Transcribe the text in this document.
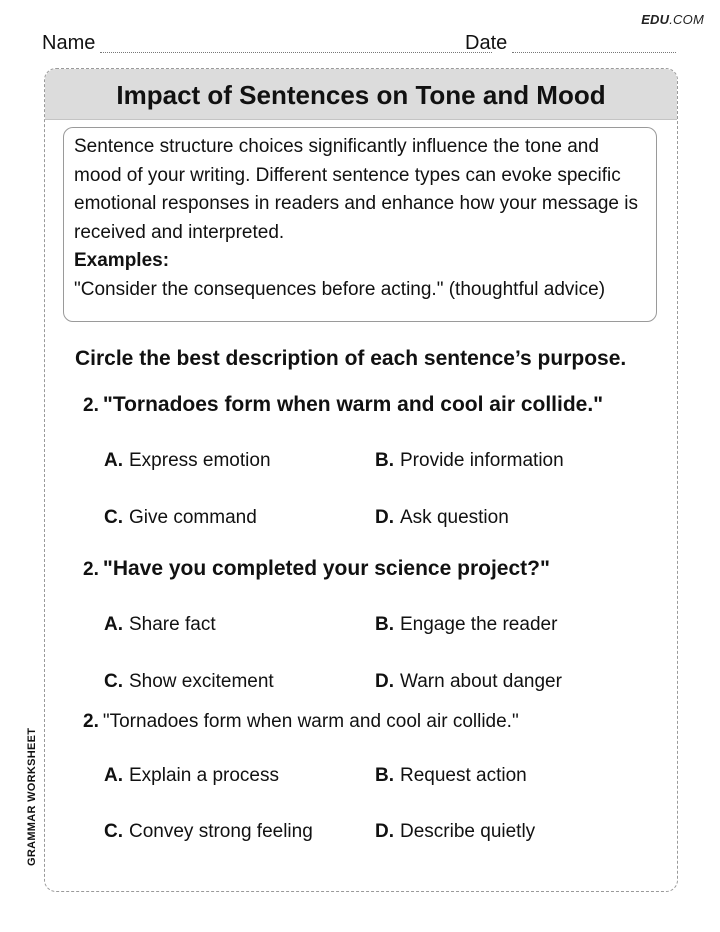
EDU.COM
Name	Date
Impact of Sentences on Tone and Mood

Sentence structure choices significantly influence the tone and mood of your writing. Different sentence types can evoke specific emotional responses in readers and enhance how your message is received and interpreted.

Examples:

"Consider the consequences before acting." (thoughtful advice)

Circle the best description of each sentence’s purpose.
2. "Tornadoes form when warm and cool air collide."
A. Express emotion	B. Provide information
C. Give command	D. Ask question
2. "Have you completed your science project?"
A. Share fact	B. Engage the reader
C. Show excitement	D. Warn about danger
2. "Tornadoes form when warm and cool air collide."
A. Explain a process	B. Request action
C. Convey strong feeling	D. Describe quietly
GRAMMAR WORKSHEET
